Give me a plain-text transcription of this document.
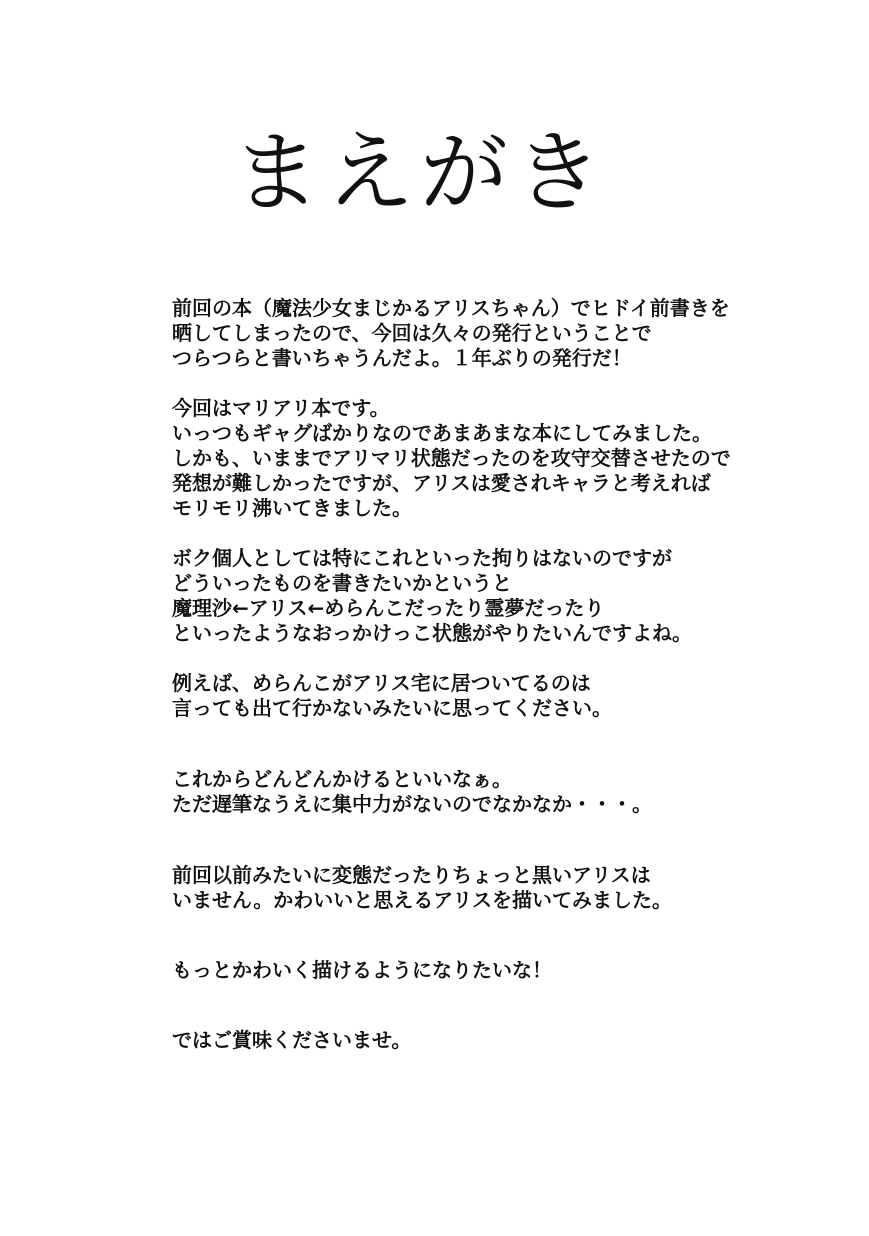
まえがき
前回の本（魔法少女まじかるアリスちゃん）でヒドイ前書きを
晒してしまったので、今回は久々の発行ということで
つらつらと書いちゃうんだよ。１年ぶりの発行だ！
今回はマリアリ本です。
いっつもギャグばかりなのであまあまな本にしてみました。
しかも、いままでアリマリ状態だったのを攻守交替させたので
発想が難しかったですが、アリスは愛されキャラと考えれば
モリモリ沸いてきました。
ボク個人としては特にこれといった拘りはないのですが
どういったものを書きたいかというと
魔理沙←アリス←めらんこだったり霊夢だったり
といったようなおっかけっこ状態がやりたいんですよね。
例えば、めらんこがアリス宅に居ついてるのは
言っても出て行かないみたいに思ってください。
これからどんどんかけるといいなぁ。
ただ遅筆なうえに集中力がないのでなかなか・・・。
前回以前みたいに変態だったりちょっと黒いアリスは
いません。かわいいと思えるアリスを描いてみました。
もっとかわいく描けるようになりたいな！
ではご賞味くださいませ。
